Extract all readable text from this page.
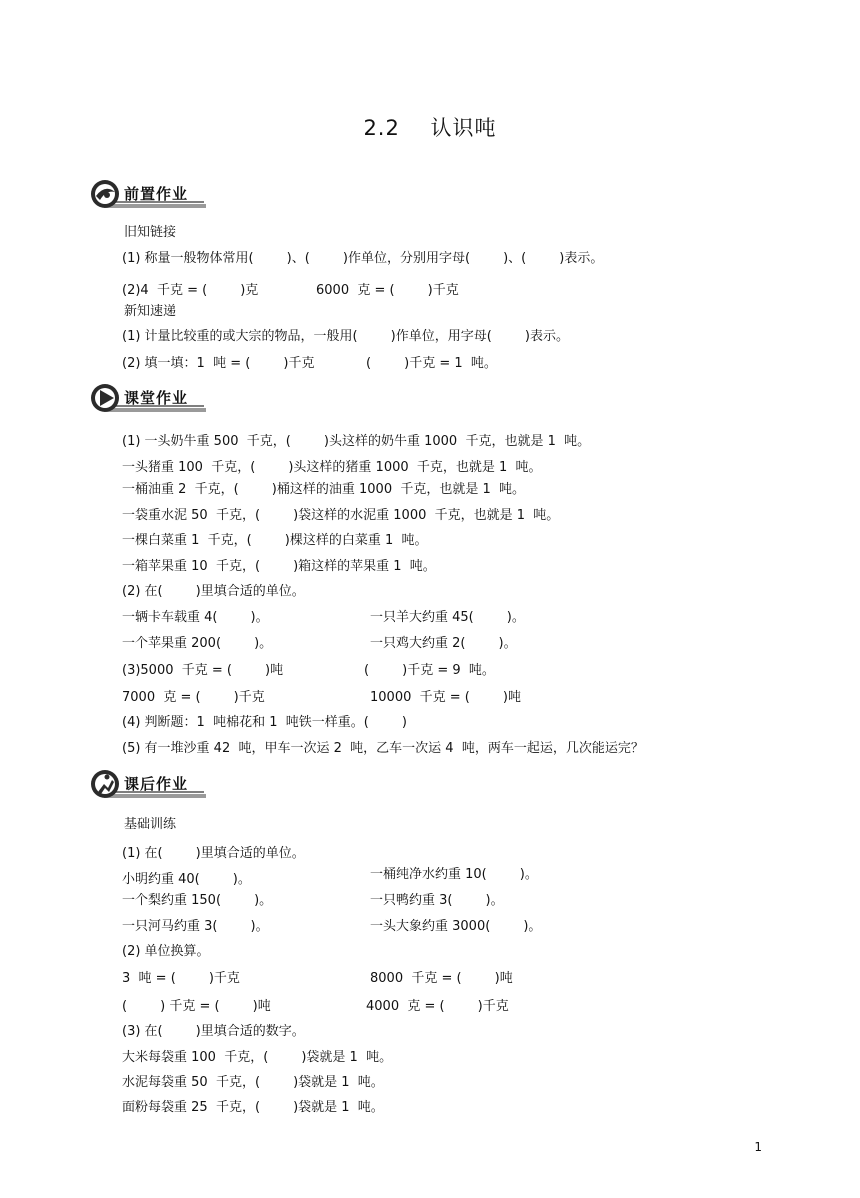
2.2    认识吨
前置作业
课堂作业
课后作业
旧知链接
(1) 称量一般物体常用(        )、(        )作单位，分别用字母(        )、(        )表示。
(2)4  千克 = (        )克	6000  克 = (        )千克
新知速递
(1) 计量比较重的或大宗的物品，一般用(        )作单位，用字母(        )表示。
(2) 填一填：1  吨 = (        )千克	(        )千克 = 1  吨。
(1) 一头奶牛重 500  千克，(        )头这样的奶牛重 1000  千克，也就是 1  吨。
一头猪重 100  千克，(        )头这样的猪重 1000  千克，也就是 1  吨。
一桶油重 2  千克，(        )桶这样的油重 1000  千克，也就是 1  吨。
一袋重水泥 50  千克，(        )袋这样的水泥重 1000  千克，也就是 1  吨。
一棵白菜重 1  千克，(        )棵这样的白菜重 1  吨。
一箱苹果重 10  千克，(        )箱这样的苹果重 1  吨。
(2) 在(        )里填合适的单位。
一辆卡车载重 4(        )。	一只羊大约重 45(        )。
一个苹果重 200(        )。	一只鸡大约重 2(        )。
(3)5000  千克 = (        )吨	(        )千克 = 9  吨。
7000  克 = (        )千克	10000  千克 = (        )吨
(4) 判断题：1  吨棉花和 1  吨铁一样重。(        )
(5) 有一堆沙重 42  吨，甲车一次运 2  吨，乙车一次运 4  吨，两车一起运，几次能运完？
基础训练
(1) 在(        )里填合适的单位。
小明约重 40(        )。	一桶纯净水约重 10(        )。
一个梨约重 150(        )。	一只鸭约重 3(        )。
一只河马约重 3(        )。	一头大象约重 3000(        )。
(2) 单位换算。
3  吨 = (        )千克	8000  千克 = (        )吨
(        ) 千克 = (        )吨	4000  克 = (        )千克
(3) 在(        )里填合适的数字。
大米每袋重 100  千克，(        )袋就是 1  吨。
水泥每袋重 50  千克，(        )袋就是 1  吨。
面粉每袋重 25  千克，(        )袋就是 1  吨。
1
